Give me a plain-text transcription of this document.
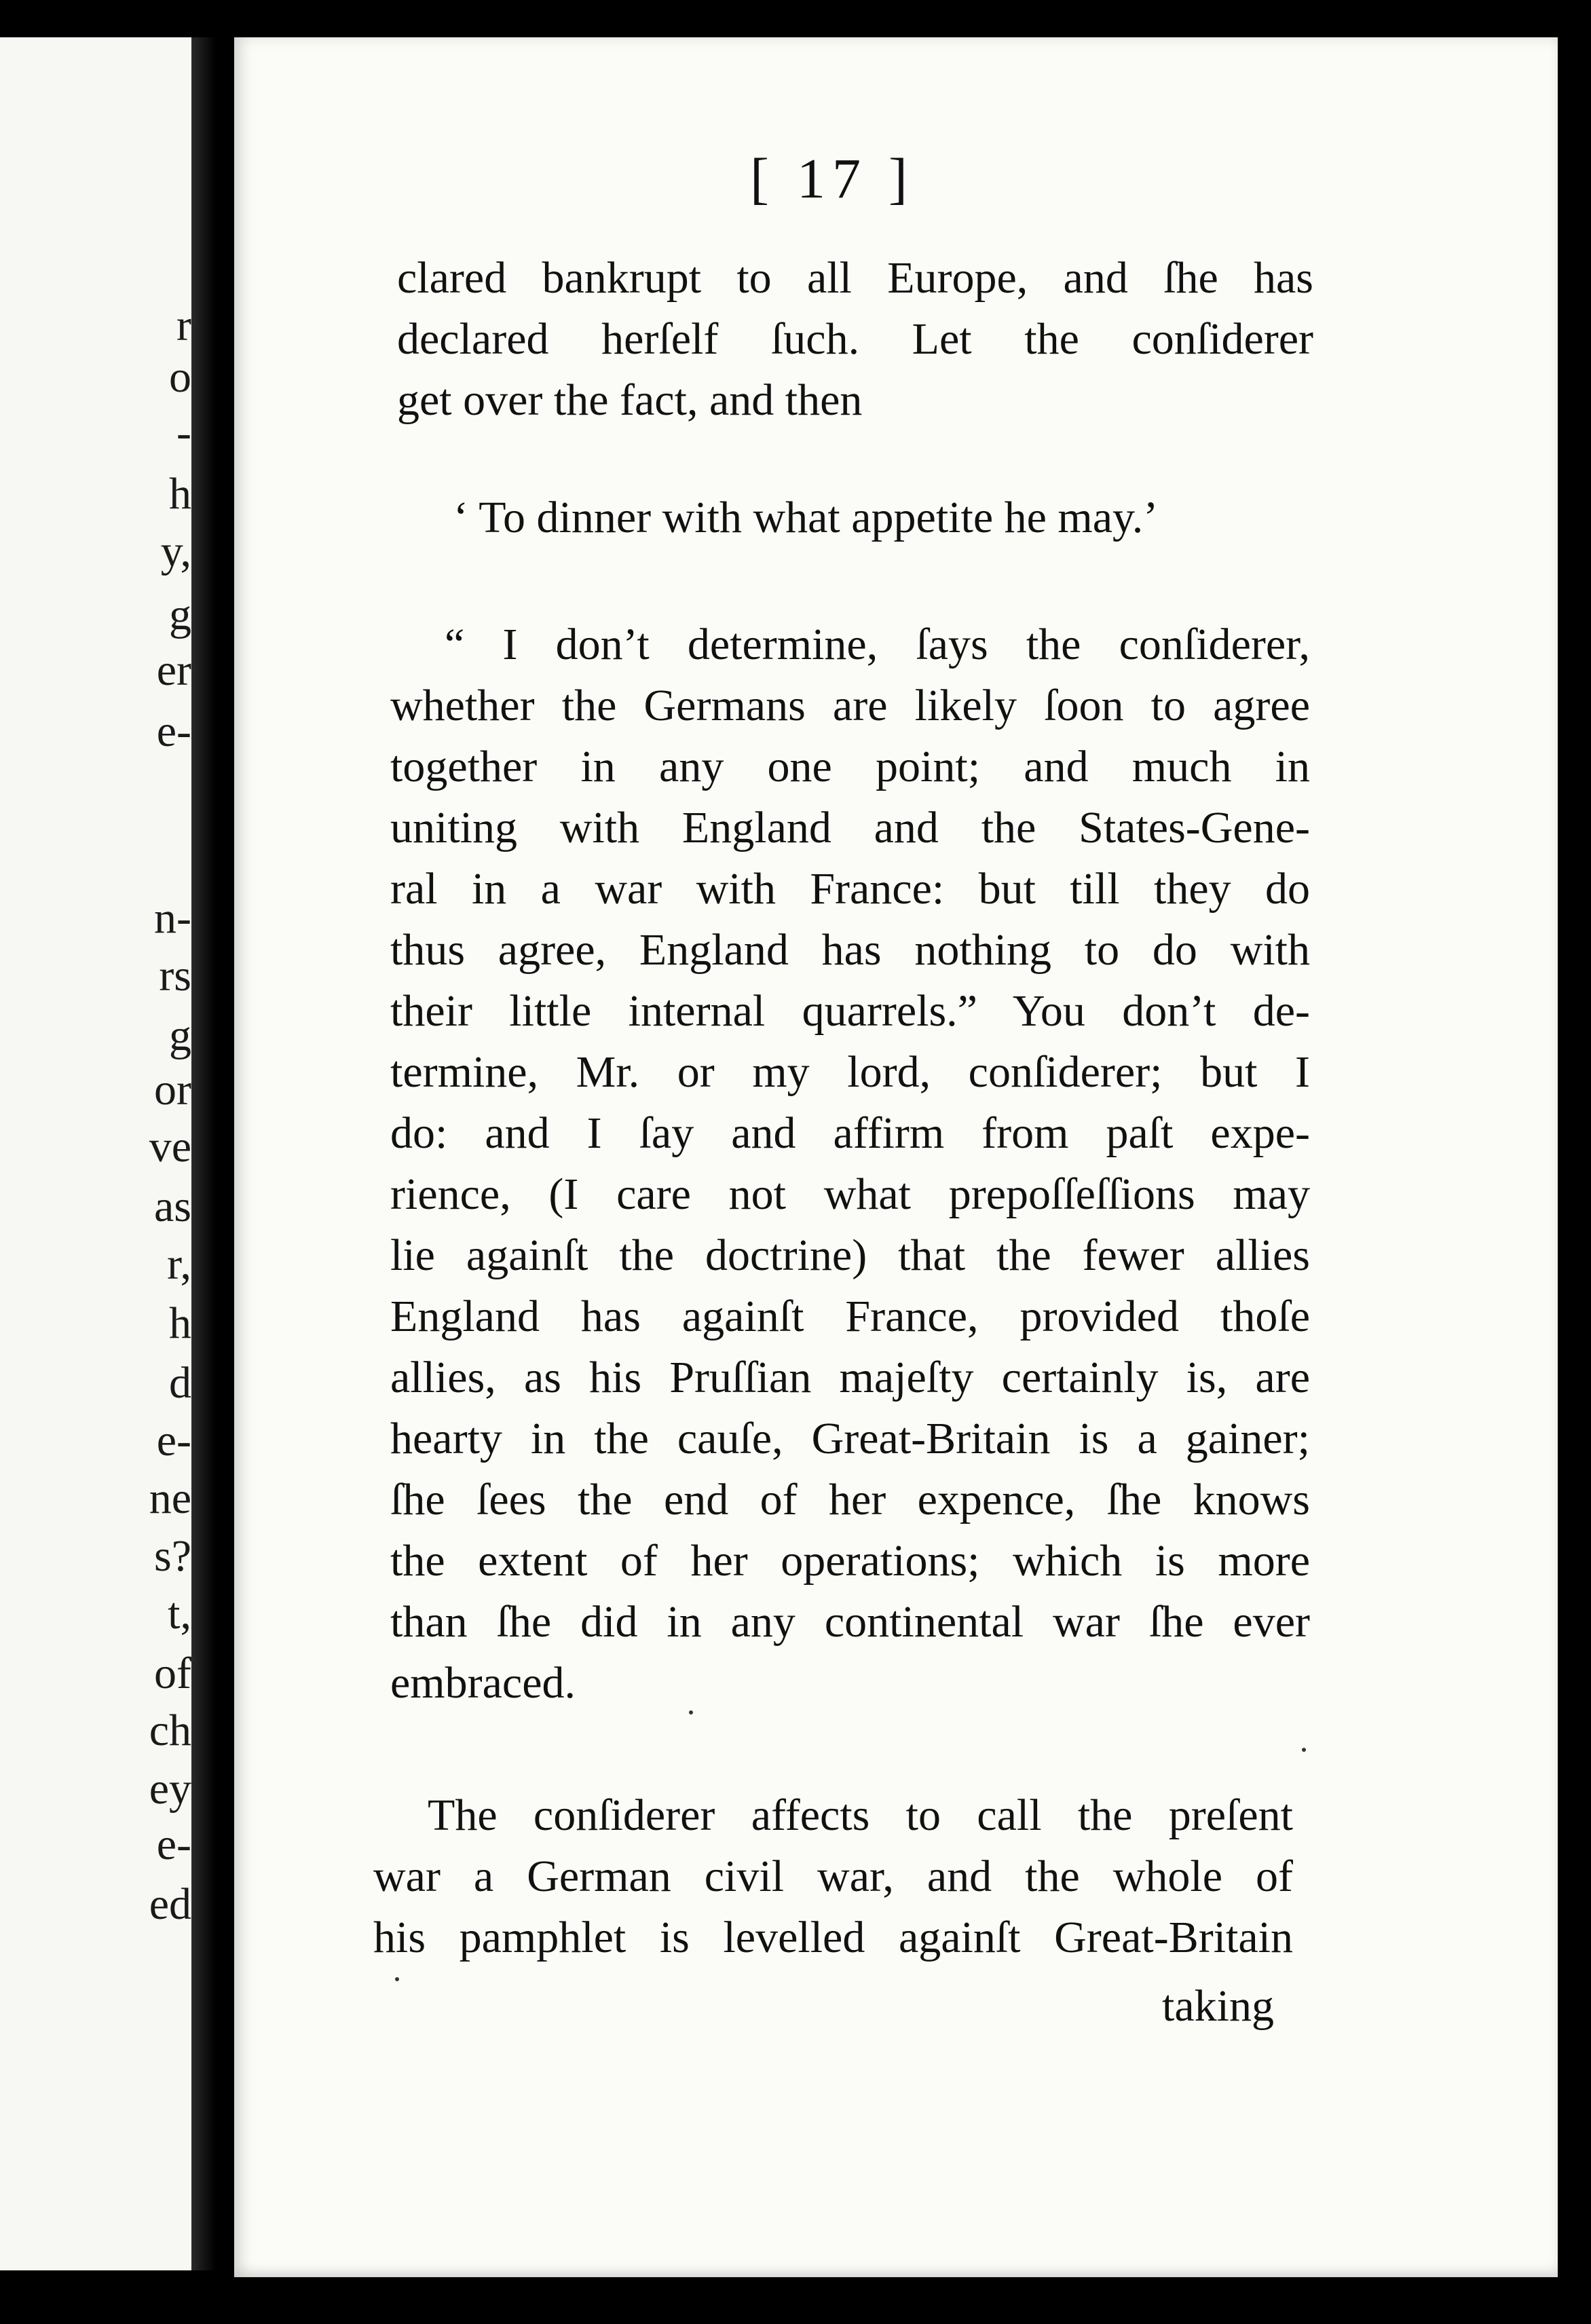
r
o
-
h
y,
g
er
e-
n-
rs
g
or
ve
as
r,
h
d
e-
ne
s?
t,
of
ch
ey
e-
ed
[ 17 ]
clared bankrupt to all Europe, and ſhe has
declared herſelf ſuch. Let the conſiderer
get over the fact, and then
‘ To dinner with what appetite he may.’
“ I don’t determine, ſays the conſiderer,
whether the Germans are likely ſoon to agree
together in any one point; and much in
uniting with England and the States-Gene-
ral in a war with France: but till they do
thus agree, England has nothing to do with
their little internal quarrels.” You don’t de-
termine, Mr. or my lord, conſiderer; but I
do: and I ſay and affirm from paſt expe-
rience, (I care not what prepoſſeſſions may
lie againſt the doctrine) that the fewer allies
England has againſt France, provided thoſe
allies, as his Pruſſian majeſty certainly is, are
hearty in the cauſe, Great-Britain is a gainer;
ſhe ſees the end of her expence, ſhe knows
the extent of her operations; which is more
than ſhe did in any continental war ſhe ever
embraced.
The conſiderer affects to call the preſent
war a German civil war, and the whole of
his pamphlet is levelled againſt Great-Britain
taking
